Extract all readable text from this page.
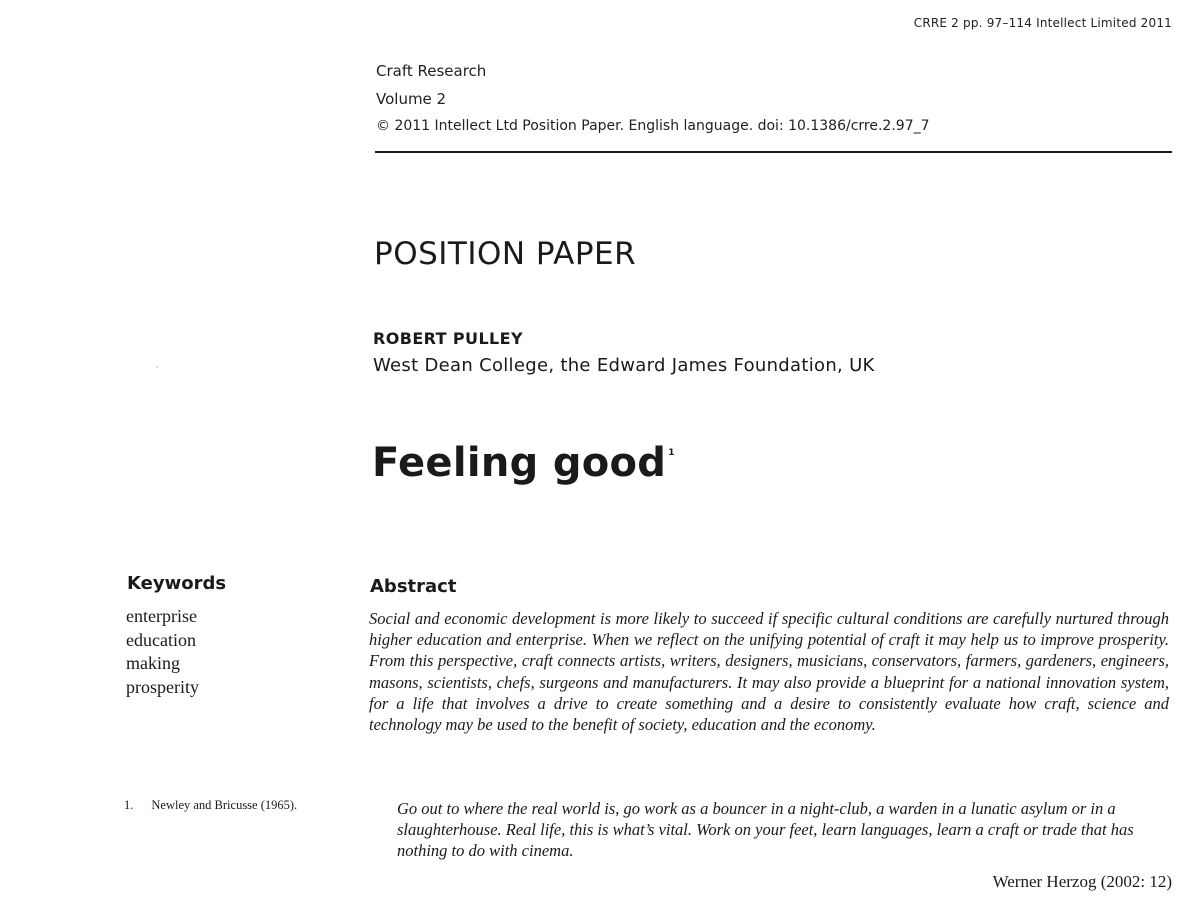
CRRE 2 pp. 97–114 Intellect Limited 2011
Craft Research
Volume 2
© 2011 Intellect Ltd Position Paper. English language. doi: 10.1386/crre.2.97_7
POSITION PAPER
ROBERT PULLEY
West Dean College, the Edward James Foundation, UK
˓
Feeling good $^1$
Keywords
enterprise
education
making
prosperity
Abstract
Social and economic development is more likely to succeed if specific cultural conditions are carefully nurtured through higher education and enterprise. When we reflect on the unifying potential of craft it may help us to improve prosperity. From this perspective, craft connects artists, writers, designers, musicians, conservators, farmers, gardeners, engineers, masons, scientists, chefs, surgeons and manufacturers. It may also provide a blueprint for a national innovation system, for a life that involves a drive to create something and a desire to consistently evaluate how craft, science and technology may be used to the benefit of society, education and the economy.
1. Newley and Bricusse (1965).	Go out to where the real world is, go work as a bouncer in a night-club, a warden in a lunatic asylum or in a slaughterhouse. Real life, this is what’s vital. Work on your feet, learn languages, learn a craft or trade that has nothing to do with cinema.
Werner Herzog (2002: 12)
